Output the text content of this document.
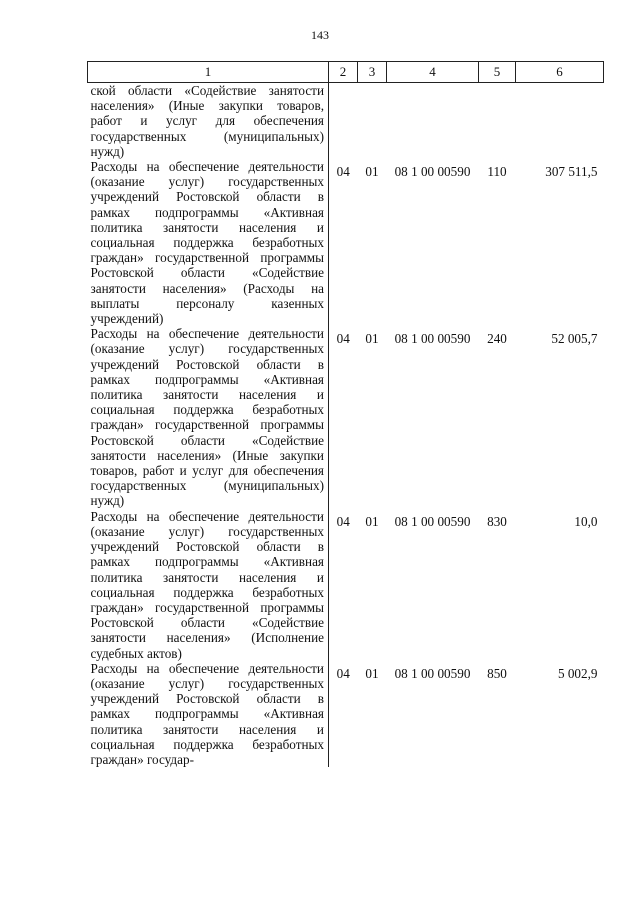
143
1	2	3	4	5	6
ской области «Содействие занятости населения» (Иные закупки товаров, работ и услуг для обеспечения государственных (муниципальных) нужд)					
Расходы на обеспечение деятельности (оказание услуг) государственных учреждений Ростовской области в рамках подпрограммы «Активная политика занятости населения и социальная поддержка безработных граждан» государственной программы Ростовской области «Содействие занятости населения» (Расходы на выплаты персоналу казенных учреждений)	04	01	08 1 00 00590	110	307 511,5
Расходы на обеспечение деятельности (оказание услуг) государственных учреждений Ростовской области в рамках подпрограммы «Активная политика занятости населения и социальная поддержка безработных граждан» государственной программы Ростовской области «Содействие занятости населения» (Иные закупки товаров, работ и услуг для обеспечения государственных (муниципальных) нужд)	04	01	08 1 00 00590	240	52 005,7
Расходы на обеспечение деятельности (оказание услуг) государственных учреждений Ростовской области в рамках подпрограммы «Активная политика занятости населения и социальная поддержка безработных граждан» государственной программы Ростовской области «Содействие занятости населения» (Исполнение судебных актов)	04	01	08 1 00 00590	830	10,0
Расходы на обеспечение деятельности (оказание услуг) государственных учреждений Ростовской области в рамках подпрограммы «Активная политика занятости населения и социальная поддержка безработных граждан» государ-	04	01	08 1 00 00590	850	5 002,9
